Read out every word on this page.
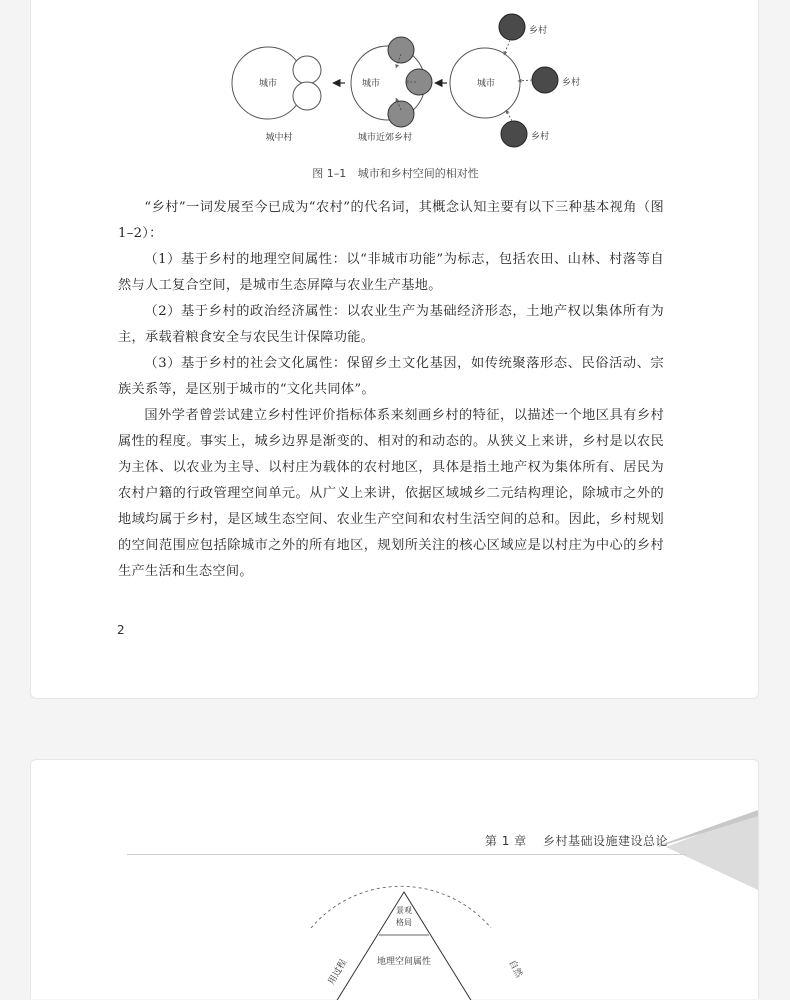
城市
城中村
城市
城市近郊乡村
城市
乡村
乡村
乡村
图 1–1 城市和乡村空间的相对性

“乡村”一词发展至今已成为“农村”的代名词，其概念认知主要有以下三种基本视角（图 1–2）：

（1）基于乡村的地理空间属性：以“非城市功能”为标志，包括农田、山林、村落等自然与人工复合空间，是城市生态屏障与农业生产基地。

（2）基于乡村的政治经济属性：以农业生产为基础经济形态，土地产权以集体所有为主，承载着粮食安全与农民生计保障功能。

（3）基于乡村的社会文化属性：保留乡土文化基因，如传统聚落形态、民俗活动、宗族关系等，是区别于城市的“文化共同体”。

国外学者曾尝试建立乡村性评价指标体系来刻画乡村的特征，以描述一个地区具有乡村属性的程度。事实上，城乡边界是渐变的、相对的和动态的。从狭义上来讲，乡村是以农民为主体、以农业为主导、以村庄为载体的农村地区，具体是指土地产权为集体所有、居民为农村户籍的行政管理空间单元。从广义上来讲，依据区域城乡二元结构理论，除城市之外的地域均属于乡村，是区域生态空间、农业生产空间和农村生活空间的总和。因此，乡村规划的空间范围应包括除城市之外的所有地区，规划所关注的核心区域应是以村庄为中心的乡村生产生活和生态空间。

2
第 1 章 乡村基础设施建设总论
景观
格局
地理空间属性
用过程	自然
